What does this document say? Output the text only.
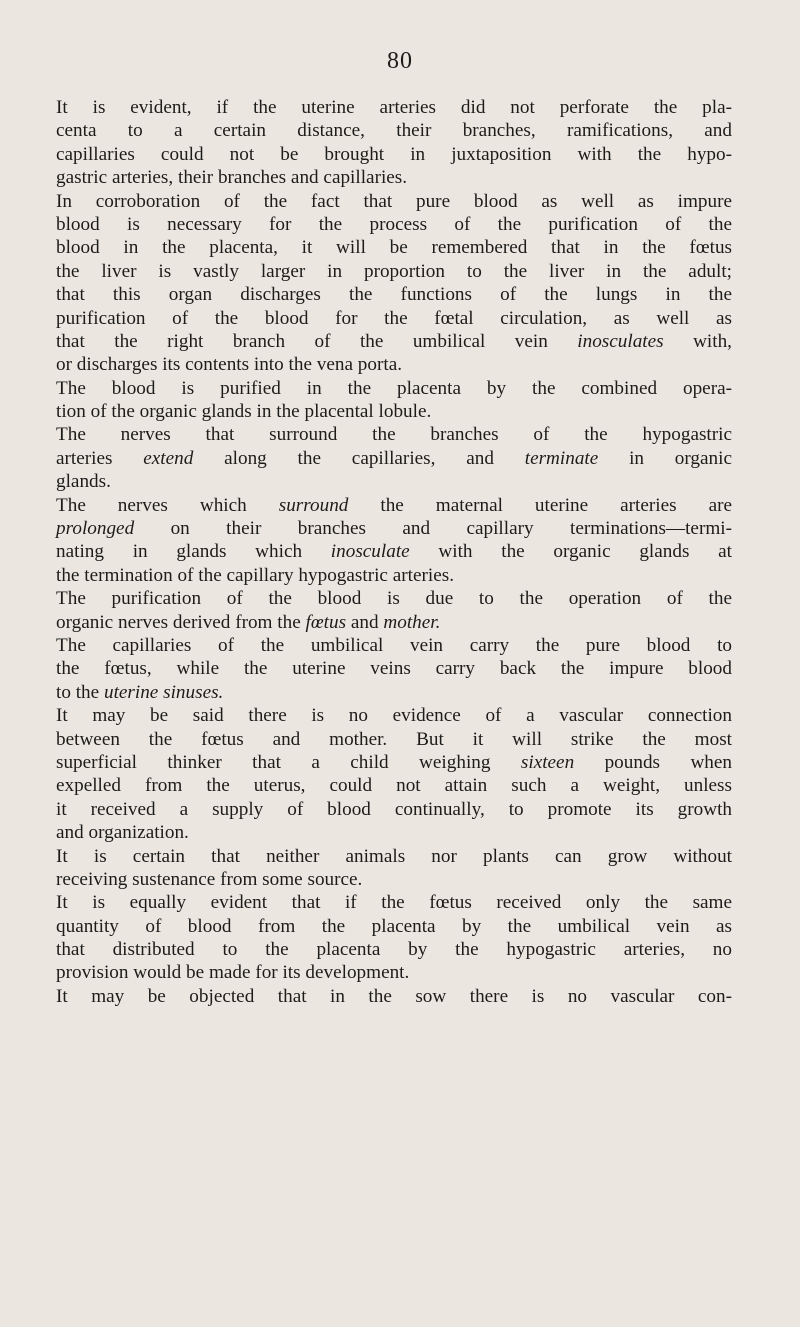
80
It is evident, if the uterine arteries did not perforate the pla-
centa to a certain distance, their branches, ramifications, and
capillaries could not be brought in juxtaposition with the hypo-
gastric arteries, their branches and capillaries.
In corroboration of the fact that pure blood as well as impure
blood is necessary for the process of the purification of the
blood in the placenta, it will be remembered that in the fœtus
the liver is vastly larger in proportion to the liver in the adult;
that this organ discharges the functions of the lungs in the
purification of the blood for the fœtal circulation, as well as
that the right branch of the umbilical vein inosculates with,
or discharges its contents into the vena porta.
The blood is purified in the placenta by the combined opera-
tion of the organic glands in the placental lobule.
The nerves that surround the branches of the hypogastric
arteries extend along the capillaries, and terminate in organic
glands.
The nerves which surround the maternal uterine arteries are
prolonged on their branches and capillary terminations—termi-
nating in glands which inosculate with the organic glands at
the termination of the capillary hypogastric arteries.
The purification of the blood is due to the operation of the
organic nerves derived from the fœtus and mother.
The capillaries of the umbilical vein carry the pure blood to
the fœtus, while the uterine veins carry back the impure blood
to the uterine sinuses.
It may be said there is no evidence of a vascular connection
between the fœtus and mother. But it will strike the most
superficial thinker that a child weighing sixteen pounds when
expelled from the uterus, could not attain such a weight, unless
it received a supply of blood continually, to promote its growth
and organization.
It is certain that neither animals nor plants can grow without
receiving sustenance from some source.
It is equally evident that if the fœtus received only the same
quantity of blood from the placenta by the umbilical vein as
that distributed to the placenta by the hypogastric arteries, no
provision would be made for its development.
It may be objected that in the sow there is no vascular con-
